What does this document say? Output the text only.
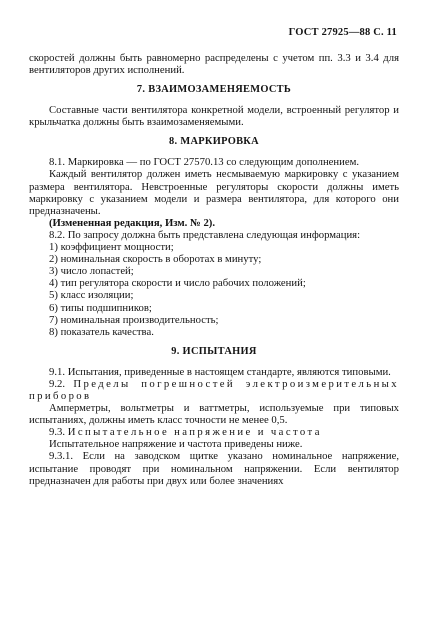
ГОСТ 27925—88 С. 11

скоростей должны быть равномерно распределены с учетом пп. 3.3 и 3.4 для вентиляторов других исполнений.

7. ВЗАИМОЗАМЕНЯЕМОСТЬ

Составные части вентилятора конкретной модели, встроенный регулятор и крыльчатка должны быть взаимозаменяемыми.

8. МАРКИРОВКА

8.1. Маркировка — по ГОСТ 27570.13 со следующим дополнением.

Каждый вентилятор должен иметь несмываемую маркировку с указанием размера вентилятора. Невстроенные регуляторы скорости должны иметь маркировку с указанием модели и размера вентилятора, для которого они предназначены.

(Измененная редакция, Изм. № 2).

8.2. По запросу должна быть представлена следующая информация:

1) коэффициент мощности;
2) номинальная скорость в оборотах в минуту;
3) число лопастей;
4) тип регулятора скорости и число рабочих положений;
5) класс изоляции;
6) типы подшипников;
7) номинальная производительность;
8) показатель качества.
9. ИСПЫТАНИЯ

9.1. Испытания, приведенные в настоящем стандарте, являются типовыми.

9.2. Пределы погрешностей электроизмерительных приборов

Амперметры, вольтметры и ваттметры, используемые при типовых испытаниях, должны иметь класс точности не менее 0,5.

9.3. Испытательное напряжение и частота

Испытательное напряжение и частота приведены ниже.

9.3.1. Если на заводском щитке указано номинальное напряжение, испытание проводят при номинальном напряжении. Если вентилятор предназначен для работы при двух или более значениях
